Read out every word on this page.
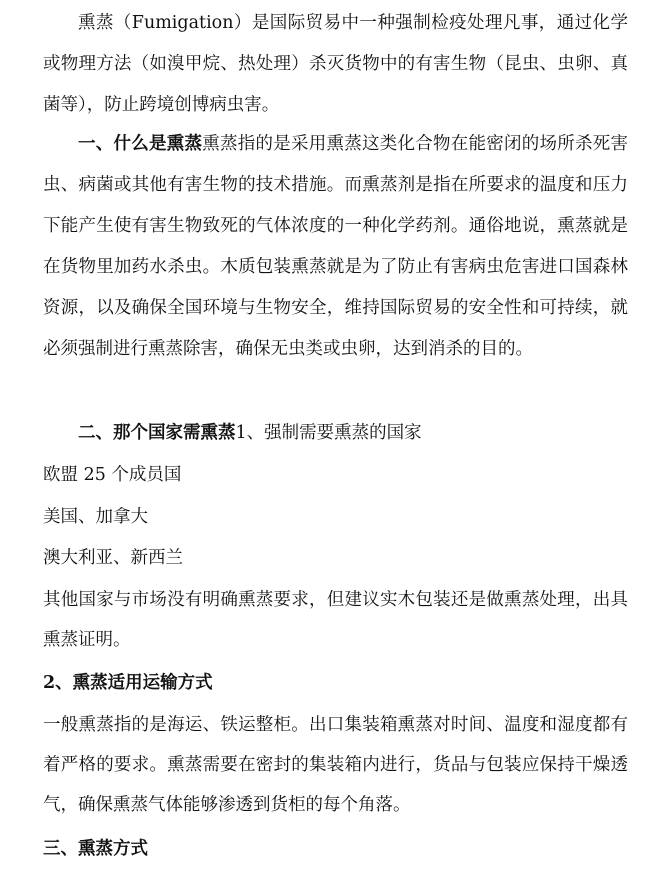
熏蒸（Fumigation）是国际贸易中一种强制检疫处理凡事，通过化学或物理方法（如溴甲烷、热处理）杀灭货物中的有害生物（昆虫、虫卵、真菌等），防止跨境创博病虫害。

一、什么是熏蒸熏蒸指的是采用熏蒸这类化合物在能密闭的场所杀死害虫、病菌或其他有害生物的技术措施。而熏蒸剂是指在所要求的温度和压力下能产生使有害生物致死的气体浓度的一种化学药剂。通俗地说，熏蒸就是在货物里加药水杀虫。木质包装熏蒸就是为了防止有害病虫危害进口国森林资源，以及确保全国环境与生物安全，维持国际贸易的安全性和可持续，就必须强制进行熏蒸除害，确保无虫类或虫卵，达到消杀的目的。

二、那个国家需熏蒸1、强制需要熏蒸的国家

欧盟 25 个成员国

美国、加拿大

澳大利亚、新西兰

其他国家与市场没有明确熏蒸要求，但建议实木包装还是做熏蒸处理，出具熏蒸证明。

2、熏蒸适用运输方式

一般熏蒸指的是海运、铁运整柜。出口集装箱熏蒸对时间、温度和湿度都有着严格的要求。熏蒸需要在密封的集装箱内进行，货品与包装应保持干燥透气，确保熏蒸气体能够渗透到货柜的每个角落。

三、熏蒸方式
